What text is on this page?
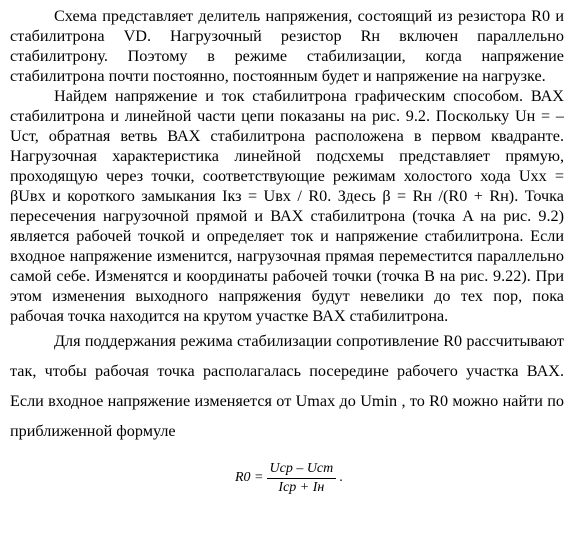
Схема представляет делитель напряжения, состоящий из резистора R0 и стабилитрона VD. Нагрузочный резистор Rн включен параллельно стабилитрону. Поэтому в режиме стабилизации, когда напряжение стабилитрона почти постоянно, постоянным будет и напряжение на нагрузке.

Найдем напряжение и ток стабилитрона графическим способом. ВАХ стабилитрона и линейной части цепи показаны на рис. 9.2. Поскольку Uн = –Uст, обратная ветвь ВАХ стабилитрона расположена в первом квадранте. Нагрузочная характеристика линейной подсхемы представляет прямую, проходящую через точки, соответствующие режимам холостого хода Uхх = βUвх и короткого замыкания Iкз = Uвх / R0. Здесь β = Rн /(R0 + Rн). Точка пересечения нагрузочной прямой и ВАХ стабилитрона (точка A на рис. 9.2) является рабочей точкой и определяет ток и напряжение стабилитрона. Если входное напряжение изменится, нагрузочная прямая переместится параллельно самой себе. Изменятся и координаты рабочей точки (точка B на рис. 9.22). При этом изменения выходного напряжения будут невелики до тех пор, пока рабочая точка находится на крутом участке ВАХ стабилитрона.

Для поддержания режима стабилизации сопротивление R0 рассчитывают так, чтобы рабочая точка располагалась посередине рабочего участка ВАХ. Если входное напряжение изменяется от Umax до Umin , то R0 можно найти по приближенной формуле

$R0 = \frac{\text{Uср – Uст}}{\text{Iср + Iн}}$ .
